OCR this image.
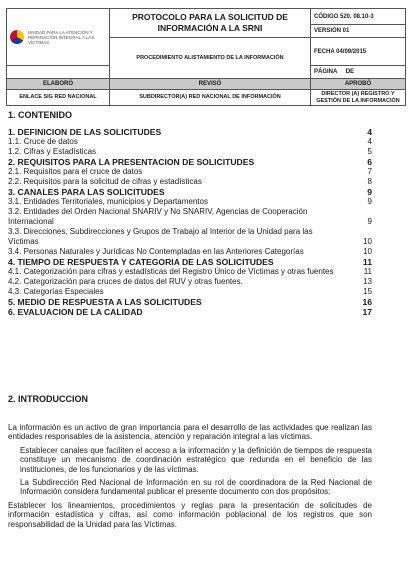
UNIDAD PARA LA ATENCIÓN Y REPARACIÓN INTEGRAL A LAS VÍCTIMAS	PROTOCOLO PARA LA SOLICITUD DE INFORMACIÓN A LA SRNI	CÓDIGO 520. 08.10-3
		VERSIÓN 01
	PROCEDIMIENTO ALISTAMIENTO DE LA INFORMACIÓN	FECHA 04/09/2015
		PÁGINA DE
ELABORÓ	REVISÓ	APROBÓ
ENLACE SIG RED NACIONAL	SUBDIRECTOR(A) RED NACIONAL DE INFORMACIÓN	DIRECTOR (A) REGISTRO Y GESTIÓN DE LA INFORMACIÓN
1. CONTENIDO
1. DEFINICION DE LAS SOLICITUDES	4
1.1. Cruce de datos	4
1.2. Cifras y Estadísticas	5
2. REQUISITOS PARA LA PRESENTACION DE SOLICITUDES	6
2.1. Requisitos para el cruce de datos	7
2.2. Requisitos para la solicitud de cifras y estadísticas	8
3. CANALES PARA LAS SOLICITUDES	9
3.1. Entidades Territoriales, municipios y Departamentos	9
3.2. Entidades del Orden Nacional SNARIV y No SNARIV, Agencias de Cooperación Internacional	9
3.3. Direcciones, Subdirecciones y Grupos de Trabajo al Interior de la Unidad para las Víctimas	10
3.4. Personas Naturales y Jurídicas No Contempladas en las Anteriores Categorías	10
4. TIEMPO DE RESPUESTA Y CATEGORIA DE LAS SOLICITUDES	11
4.1. Categorización para cifras y estadísticas del Registro Único de Víctimas y otras fuentes	11
4.2. Categorización para cruces de datos del RUV y otras fuentes.	13
4.3. Categorías Especiales	15
5. MEDIO DE RESPUESTA A LAS SOLICITUDES	16
6. EVALUACION DE LA CALIDAD	17
2. INTRODUCCION

La información es un activo de gran importancia para el desarrollo de las actividades que realizan las entidades responsables de la asistencia, atención y reparación integral a las víctimas.

Establecer canales que faciliten el acceso a la información y la definición de tiempos de respuesta constituye un mecanismo de coordinación estratégico que redunda en el beneficio de las instituciones, de los funcionarios y de las víctimas.

La Subdirección Red Nacional de Información en su rol de coordinadora de la Red Nacional de Información considera fundamental publicar el presente documento con dos propósitos:

Establecer los lineamientos, procedimientos y reglas para la presentación de solicitudes de información estadística y cifras, así como información poblacional de los registros que son responsabilidad de la Unidad para las Víctimas.
